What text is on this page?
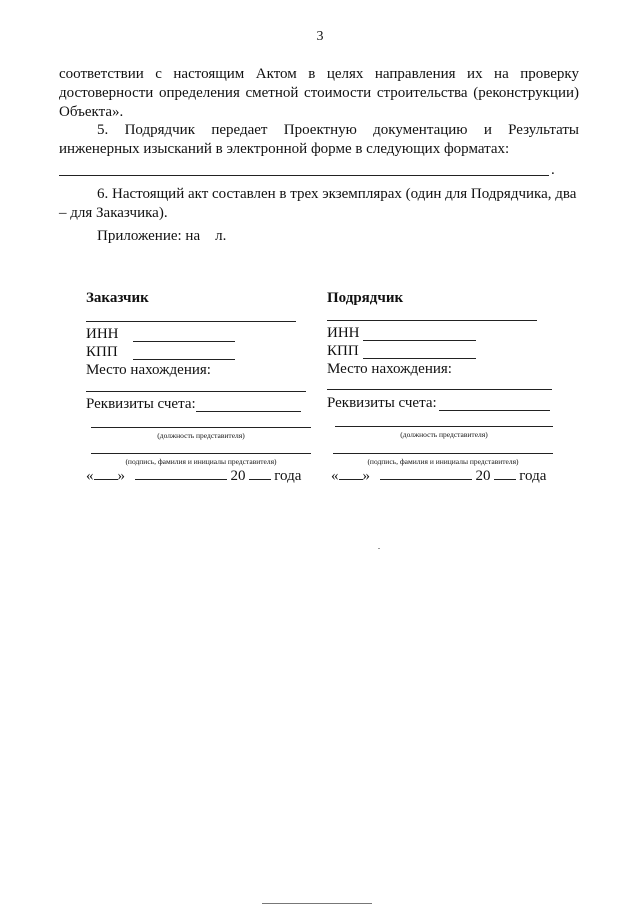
3
соответствии с настоящим Актом в целях направления их на проверку достоверности определения сметной стоимости строительства (реконструкции) Объекта».
5. Подрядчик передает Проектную документацию и Результаты инженерных изысканий в электронной форме в следующих форматах:
.
6. Настоящий акт составлен в трех экземплярах (один для Подрядчика, два – для Заказчика).
Приложение: на    л.
Заказчик
ИНН
КПП
Место нахождения:
Реквизиты счета:
(должность представителя)
(подпись, фамилия и инициалы представителя)
« »	20 года
Подрядчик
ИНН
КПП
Место нахождения:
Реквизиты счета:
(должность представителя)
(подпись, фамилия и инициалы представителя)
« »	20 года
